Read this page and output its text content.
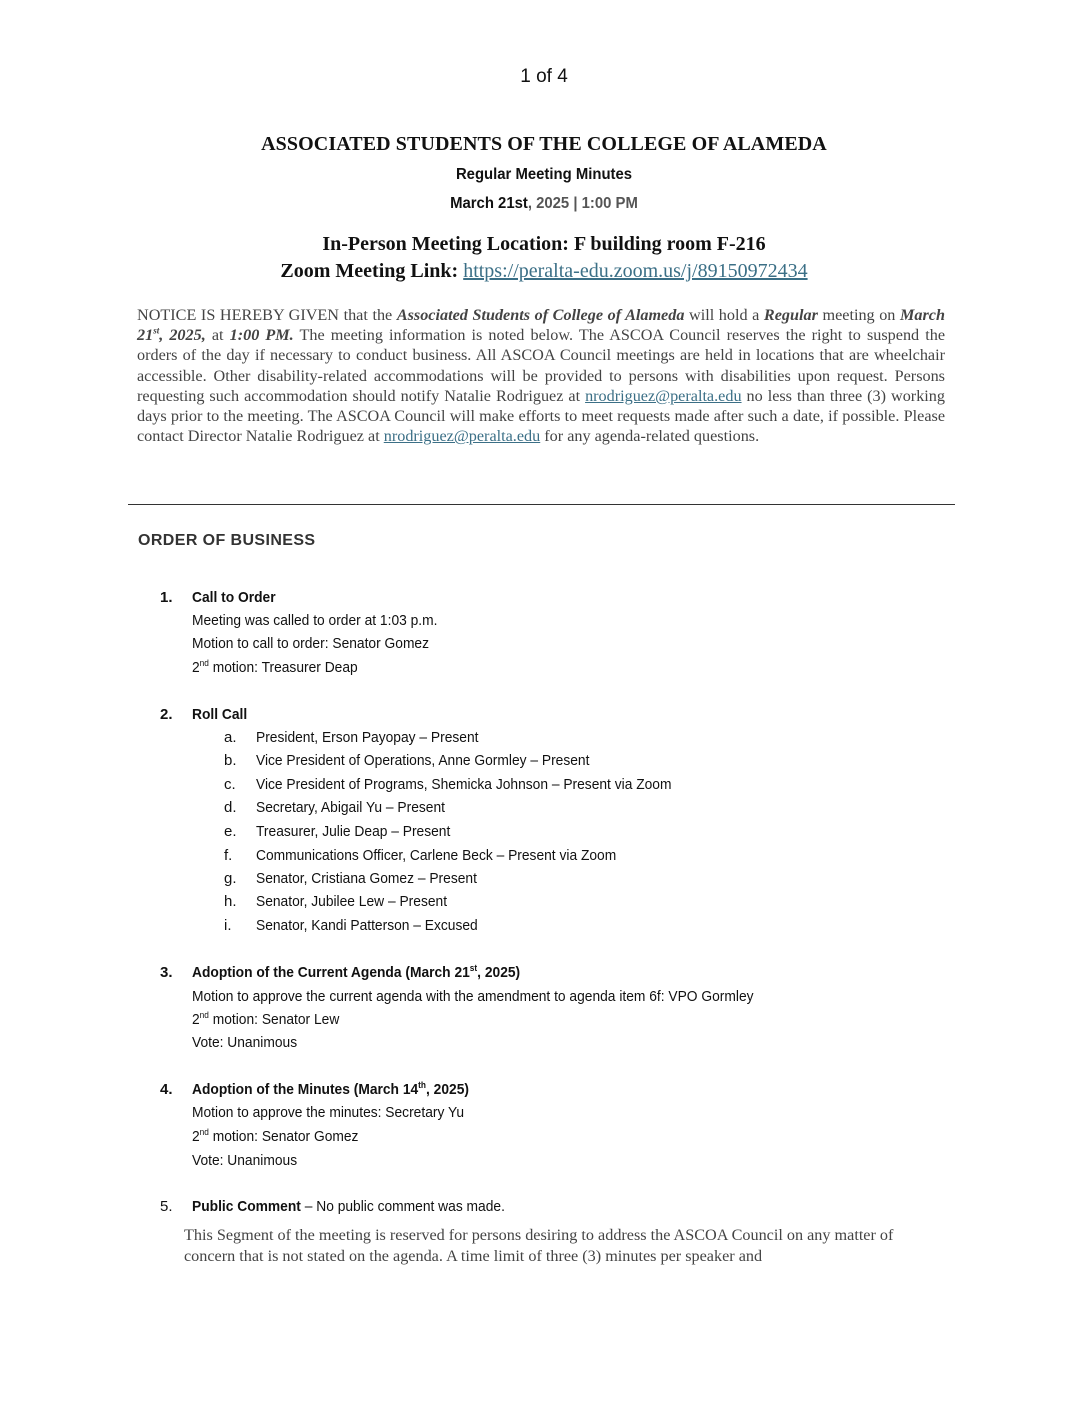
1 of 4
ASSOCIATED STUDENTS OF THE COLLEGE OF ALAMEDA
Regular Meeting Minutes
March 21st, 2025 | 1:00 PM
In-Person Meeting Location: F building room F-216
Zoom Meeting Link: https://peralta-edu.zoom.us/j/89150972434
NOTICE IS HEREBY GIVEN that the Associated Students of College of Alameda will hold a Regular meeting on March 21st, 2025, at 1:00 PM. The meeting information is noted below. The ASCOA Council reserves the right to suspend the orders of the day if necessary to conduct business. All ASCOA Council meetings are held in locations that are wheelchair accessible. Other disability-related accommodations will be provided to persons with disabilities upon request. Persons requesting such accommodation should notify Natalie Rodriguez at nrodriguez@peralta.edu no less than three (3) working days prior to the meeting. The ASCOA Council will make efforts to meet requests made after such a date, if possible. Please contact Director Natalie Rodriguez at nrodriguez@peralta.edu for any agenda-related questions.
ORDER OF BUSINESS
1. Call to Order
Meeting was called to order at 1:03 p.m.
Motion to call to order: Senator Gomez
2nd motion: Treasurer Deap
2. Roll Call
a. President, Erson Payopay – Present
b. Vice President of Operations, Anne Gormley – Present
c. Vice President of Programs, Shemicka Johnson – Present via Zoom
d. Secretary, Abigail Yu – Present
e. Treasurer, Julie Deap – Present
f. Communications Officer, Carlene Beck – Present via Zoom
g. Senator, Cristiana Gomez – Present
h. Senator, Jubilee Lew – Present
i. Senator, Kandi Patterson – Excused
3. Adoption of the Current Agenda (March 21st, 2025)
Motion to approve the current agenda with the amendment to agenda item 6f: VPO Gormley
2nd motion: Senator Lew
Vote: Unanimous
4. Adoption of the Minutes (March 14th, 2025)
Motion to approve the minutes: Secretary Yu
2nd motion: Senator Gomez
Vote: Unanimous
5. Public Comment – No public comment was made.
This Segment of the meeting is reserved for persons desiring to address the ASCOA Council on any matter of concern that is not stated on the agenda. A time limit of three (3) minutes per speaker and
